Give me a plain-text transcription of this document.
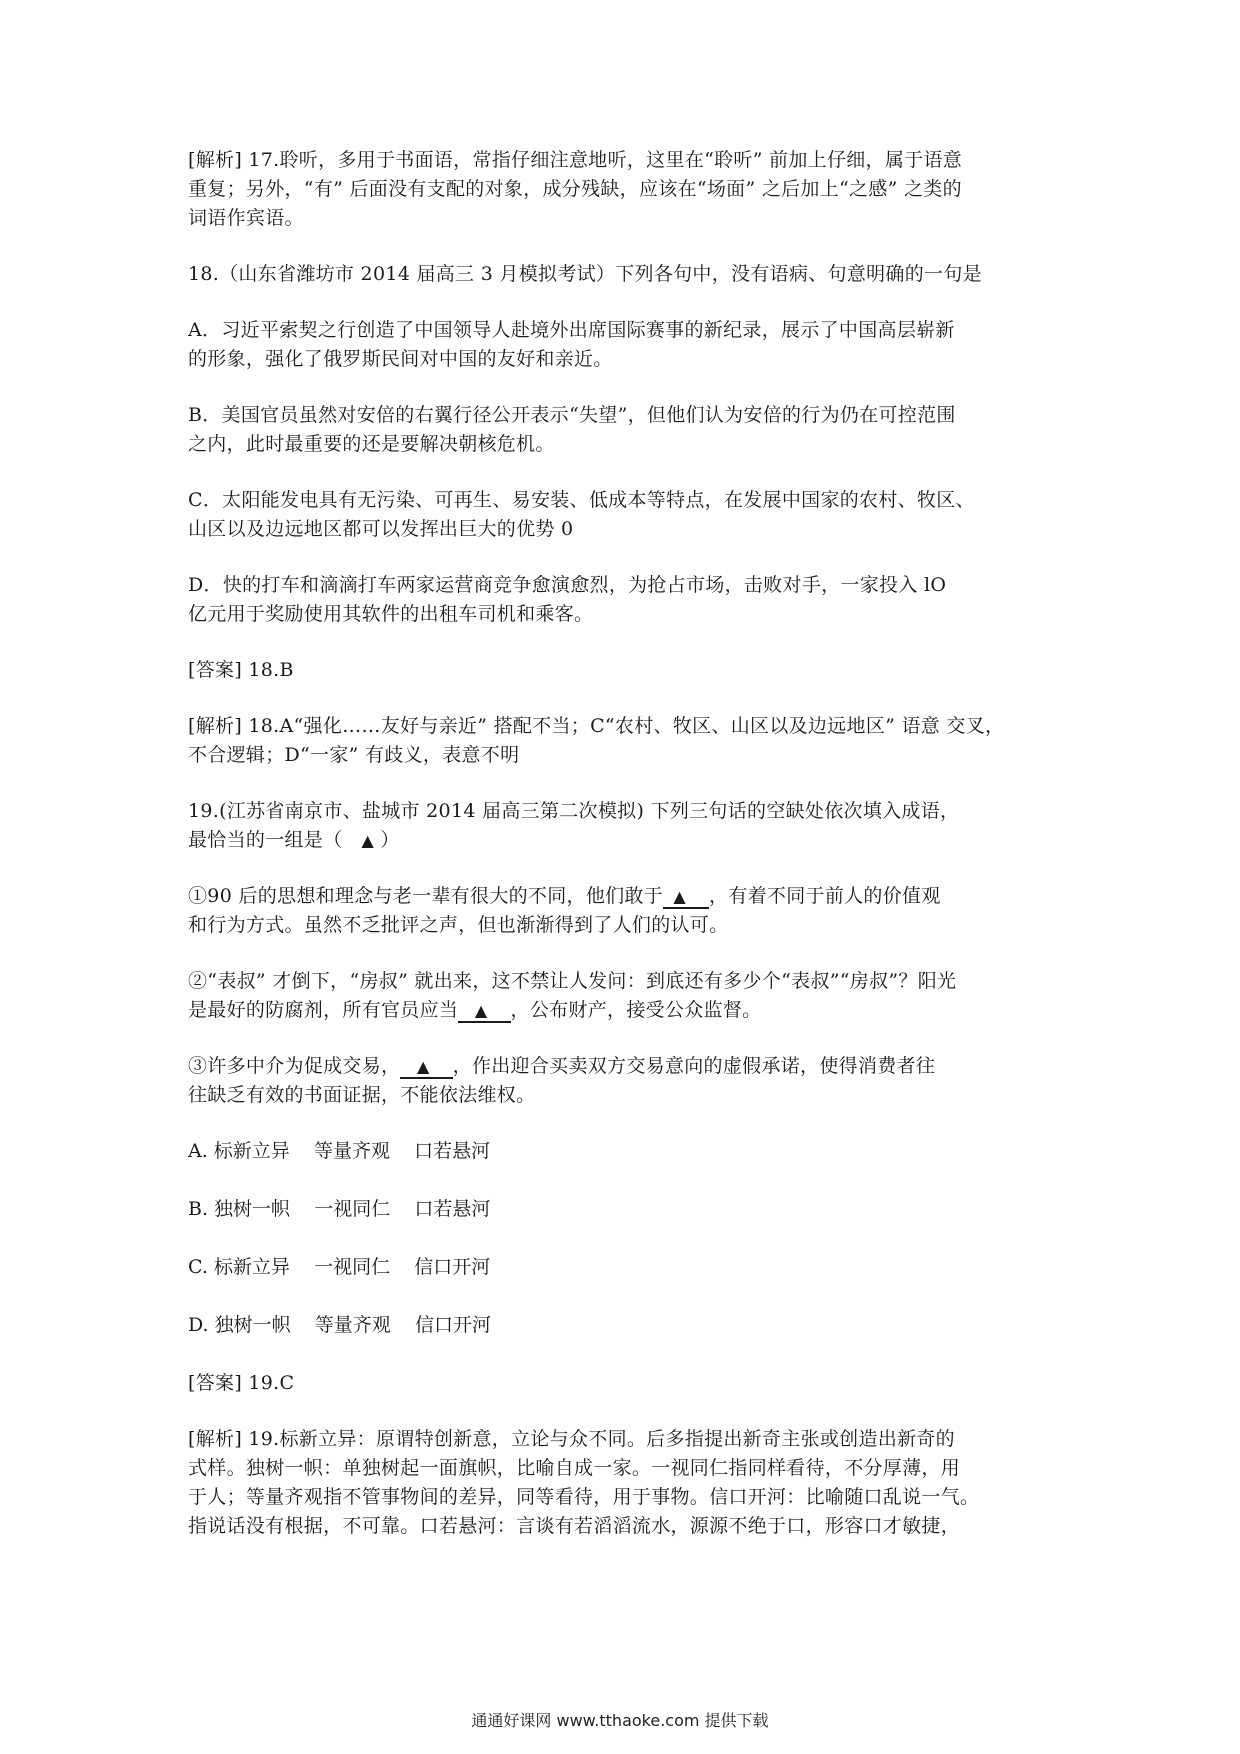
[解析] 17.聆听，多用于书面语，常指仔细注意地听，这里在“聆听” 前加上仔细，属于语意
重复；另外，“有” 后面没有支配的对象，成分残缺，应该在“场面” 之后加上“之感” 之类的
词语作宾语。

18.（山东省潍坊市 2014 届高三 3 月模拟考试）下列各句中，没有语病、句意明确的一句是

A．习近平索契之行创造了中国领导人赴境外出席国际赛事的新纪录，展示了中国高层崭新
的形象，强化了俄罗斯民间对中国的友好和亲近。

B．美国官员虽然对安倍的右翼行径公开表示“失望”，但他们认为安倍的行为仍在可控范围
之内，此时最重要的还是要解决朝核危机。

C．太阳能发电具有无污染、可再生、易安装、低成本等特点，在发展中国家的农村、牧区、
山区以及边远地区都可以发挥出巨大的优势 0

D．快的打车和滴滴打车两家运营商竞争愈演愈烈，为抢占市场，击败对手，一家投入 lO
亿元用于奖励使用其软件的出租车司机和乘客。

[答案] 18.B

[解析] 18.A“强化……友好与亲近” 搭配不当；C“农村、牧区、山区以及边远地区” 语意 交叉，
不合逻辑；D“一家” 有歧义，表意不明

19.(江苏省南京市、盐城市 2014 届高三第二次模拟) 下列三句话的空缺处依次填入成语，
最恰当的一组是（ ▲ ）

①90 后的思想和理念与老一辈有很大的不同，他们敢于 ▲ ，有着不同于前人的价值观
和行为方式。虽然不乏批评之声，但也渐渐得到了人们的认可。

②“表叔” 才倒下，“房叔” 就出来，这不禁让人发问：到底还有多少个“表叔”“房叔”？阳光
是最好的防腐剂，所有官员应当 ▲ ，公布财产，接受公众监督。

③许多中介为促成交易， ▲ ，作出迎合买卖双方交易意向的虚假承诺，使得消费者往
往缺乏有效的书面证据，不能依法维权。

A. 标新立异    等量齐观    口若悬河

B. 独树一帜    一视同仁    口若悬河

C. 标新立异    一视同仁    信口开河

D. 独树一帜    等量齐观    信口开河

[答案] 19.C

[解析] 19.标新立异：原谓特创新意，立论与众不同。后多指提出新奇主张或创造出新奇的
式样。独树一帜：单独树起一面旗帜，比喻自成一家。一视同仁指同样看待，不分厚薄，用
于人；等量齐观指不管事物间的差异，同等看待，用于事物。信口开河：比喻随口乱说一气。
指说话没有根据，不可靠。口若悬河：言谈有若滔滔流水，源源不绝于口，形容口才敏捷，

通通好课网 www.tthaoke.com 提供下载
